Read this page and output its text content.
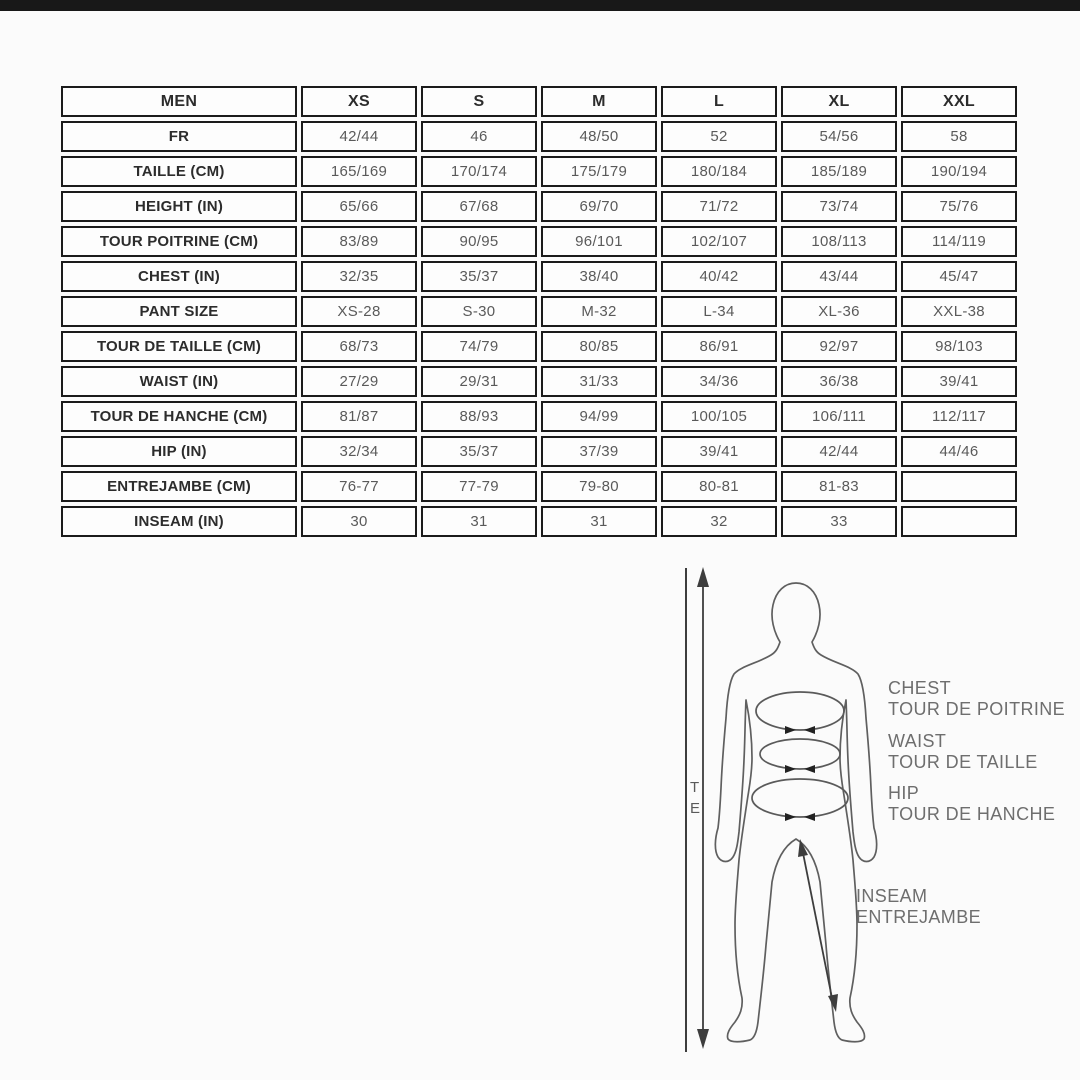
MEN	XS	S	M	L	XL	XXL
FR	42/44	46	48/50	52	54/56	58
TAILLE (CM)	165/169	170/174	175/179	180/184	185/189	190/194
HEIGHT (IN)	65/66	67/68	69/70	71/72	73/74	75/76
TOUR POITRINE (CM)	83/89	90/95	96/101	102/107	108/113	114/119
CHEST (IN)	32/35	35/37	38/40	40/42	43/44	45/47
PANT SIZE	XS-28	S-30	M-32	L-34	XL-36	XXL-38
TOUR DE TAILLE (CM)	68/73	74/79	80/85	86/91	92/97	98/103
WAIST (IN)	27/29	29/31	31/33	34/36	36/38	39/41
TOUR DE HANCHE (CM)	81/87	88/93	94/99	100/105	106/111	112/117
HIP (IN)	32/34	35/37	37/39	39/41	42/44	44/46
ENTREJAMBE (CM)	76-77	77-79	79-80	80-81	81-83	
INSEAM (IN)	30	31	31	32	33	
T
E
CHEST
TOUR DE POITRINE
WAIST
TOUR DE TAILLE
HIP
TOUR DE HANCHE
INSEAM
ENTREJAMBE
